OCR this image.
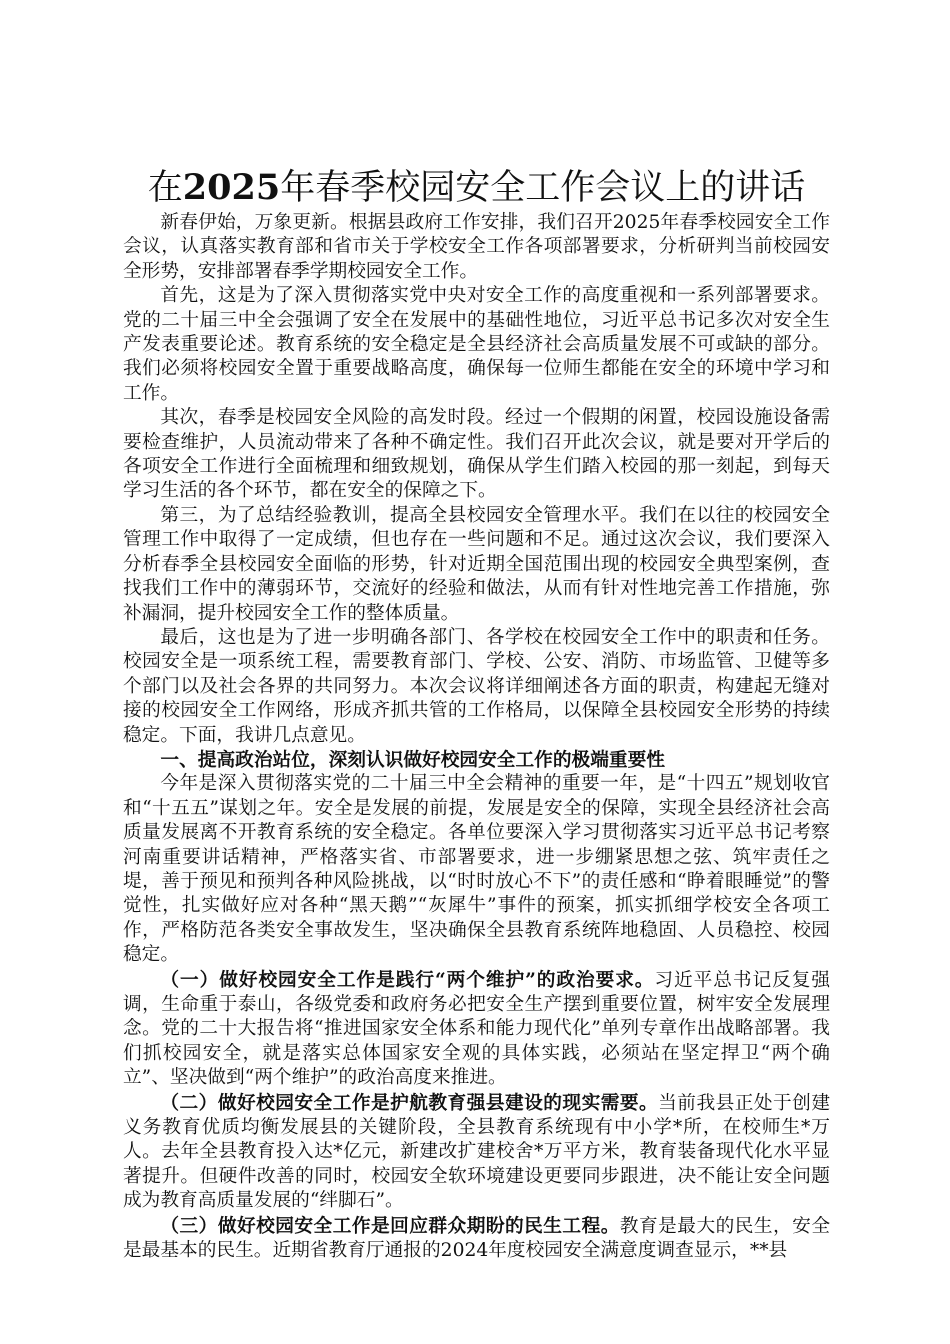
在2025年春季校园安全工作会议上的讲话

新春伊始，万象更新。根据县政府工作安排，我们召开2025年春季校园安全工作会议，认真落实教育部和省市关于学校安全工作各项部署要求，分析研判当前校园安全形势，安排部署春季学期校园安全工作。

首先，这是为了深入贯彻落实党中央对安全工作的高度重视和一系列部署要求。党的二十届三中全会强调了安全在发展中的基础性地位，习近平总书记多次对安全生产发表重要论述。教育系统的安全稳定是全县经济社会高质量发展不可或缺的部分。我们必须将校园安全置于重要战略高度，确保每一位师生都能在安全的环境中学习和工作。

其次，春季是校园安全风险的高发时段。经过一个假期的闲置，校园设施设备需要检查维护，人员流动带来了各种不确定性。我们召开此次会议，就是要对开学后的各项安全工作进行全面梳理和细致规划，确保从学生们踏入校园的那一刻起，到每天学习生活的各个环节，都在安全的保障之下。

第三，为了总结经验教训，提高全县校园安全管理水平。我们在以往的校园安全管理工作中取得了一定成绩，但也存在一些问题和不足。通过这次会议，我们要深入分析春季全县校园安全面临的形势，针对近期全国范围出现的校园安全典型案例，查找我们工作中的薄弱环节，交流好的经验和做法，从而有针对性地完善工作措施，弥补漏洞，提升校园安全工作的整体质量。

最后，这也是为了进一步明确各部门、各学校在校园安全工作中的职责和任务。校园安全是一项系统工程，需要教育部门、学校、公安、消防、市场监管、卫健等多个部门以及社会各界的共同努力。本次会议将详细阐述各方面的职责，构建起无缝对接的校园安全工作网络，形成齐抓共管的工作格局，以保障全县校园安全形势的持续稳定。下面，我讲几点意见。

一、提高政治站位，深刻认识做好校园安全工作的极端重要性

今年是深入贯彻落实党的二十届三中全会精神的重要一年，是“十四五”规划收官和“十五五”谋划之年。安全是发展的前提，发展是安全的保障，实现全县经济社会高质量发展离不开教育系统的安全稳定。各单位要深入学习贯彻落实习近平总书记考察河南重要讲话精神，严格落实省、市部署要求，进一步绷紧思想之弦、筑牢责任之堤，善于预见和预判各种风险挑战，以“时时放心不下”的责任感和“睁着眼睡觉”的警觉性，扎实做好应对各种“黑天鹅”“灰犀牛”事件的预案，抓实抓细学校安全各项工作，严格防范各类安全事故发生，坚决确保全县教育系统阵地稳固、人员稳控、校园稳定。

（一）做好校园安全工作是践行“两个维护”的政治要求。习近平总书记反复强调，生命重于泰山，各级党委和政府务必把安全生产摆到重要位置，树牢安全发展理念。党的二十大报告将“推进国家安全体系和能力现代化”单列专章作出战略部署。我们抓校园安全，就是落实总体国家安全观的具体实践，必须站在坚定捍卫“两个确立”、坚决做到“两个维护”的政治高度来推进。

（二）做好校园安全工作是护航教育强县建设的现实需要。当前我县正处于创建义务教育优质均衡发展县的关键阶段，全县教育系统现有中小学*所，在校师生*万人。去年全县教育投入达*亿元，新建改扩建校舍*万平方米，教育装备现代化水平显著提升。但硬件改善的同时，校园安全软环境建设更要同步跟进，决不能让安全问题成为教育高质量发展的“绊脚石”。

（三）做好校园安全工作是回应群众期盼的民生工程。教育是最大的民生，安全是最基本的民生。近期省教育厅通报的2024年度校园安全满意度调查显示，**县
